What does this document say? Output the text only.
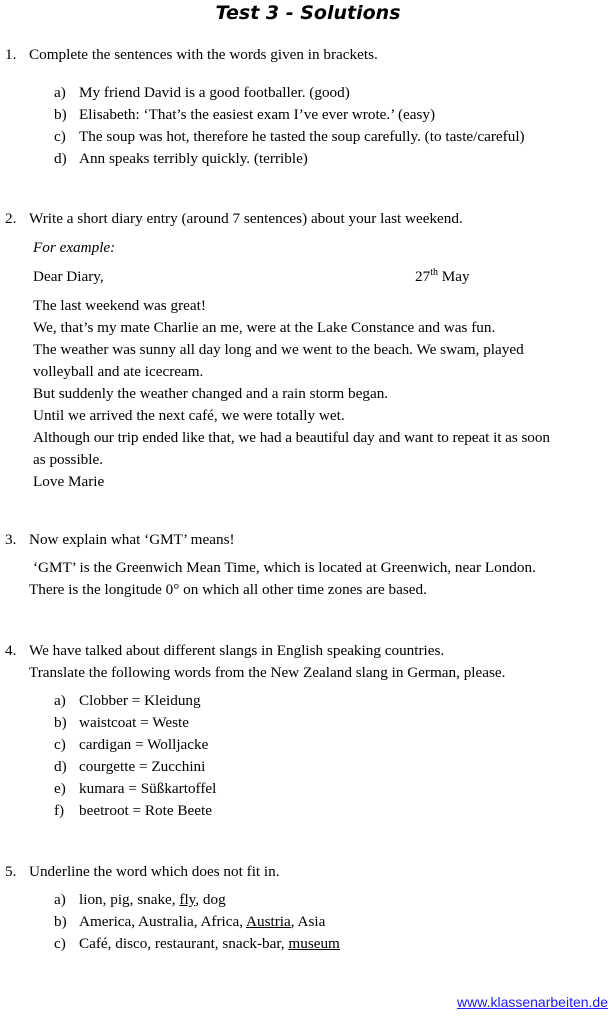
Test 3 - Solutions
1. Complete the sentences with the words given in brackets.
a) My friend David is a good footballer. (good)
b) Elisabeth: ‘That’s the easiest exam I’ve ever wrote.’ (easy)
c) The soup was hot, therefore he tasted the soup carefully. (to taste/careful)
d) Ann speaks terribly quickly. (terrible)
2. Write a short diary entry (around 7 sentences) about your last weekend.
For example:
Dear Diary,	27th May
The last weekend was great!
We, that’s my mate Charlie an me, were at the Lake Constance and was fun.
The weather was sunny all day long and we went to the beach. We swam, played
volleyball and ate icecream.
But suddenly the weather changed and a rain storm began.
Until we arrived the next café, we were totally wet.
Although our trip ended like that, we had a beautiful day and want to repeat it as soon
as possible.
Love Marie
3. Now explain what ‘GMT’ means!
‘GMT’ is the Greenwich Mean Time, which is located at Greenwich, near London.
There is the longitude 0° on which all other time zones are based.
4. We have talked about different slangs in English speaking countries.
Translate the following words from the New Zealand slang in German, please.
a) Clobber = Kleidung
b) waistcoat = Weste
c) cardigan = Wolljacke
d) courgette = Zucchini
e) kumara = Süßkartoffel
f) beetroot = Rote Beete
5. Underline the word which does not fit in.
a) lion, pig, snake, fly, dog
b) America, Australia, Africa, Austria, Asia
c) Café, disco, restaurant, snack-bar, museum
www.klassenarbeiten.de
